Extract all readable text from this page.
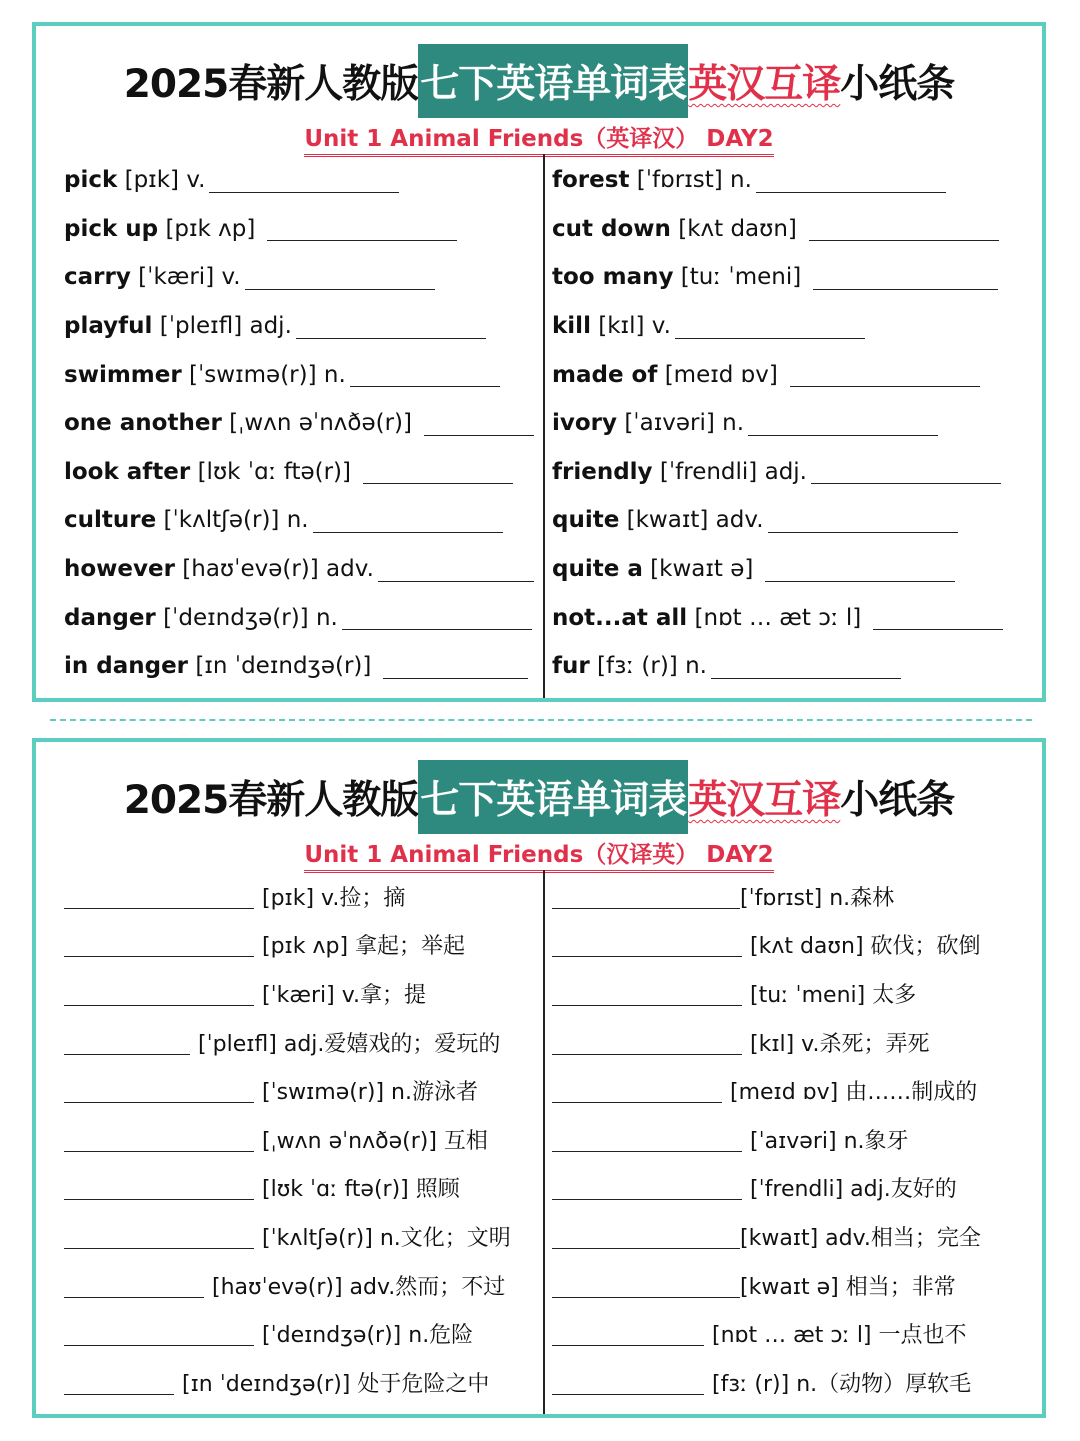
2025春新人教版 七下英语单词表 英汉互译 小纸条
Unit 1 Animal Friends（英译汉） DAY2
pick
[pɪk] v.
pick up
[pɪk ʌp]
carry
[ˈkæri] v.
playful
[ˈpleɪfl] adj.
swimmer
[ˈswɪmə(r)] n.
one another
[ˌwʌn əˈnʌðə(r)]
look after
[lʊk ˈɑː ftə(r)]
culture
[ˈkʌltʃə(r)] n.
however
[haʊˈevə(r)] adv.
danger
[ˈdeɪndʒə(r)] n.
in danger
[ɪn ˈdeɪndʒə(r)]
forest
[ˈfɒrɪst] n.
cut down
[kʌt daʊn]
too many
[tuː ˈmeni]
kill
[kɪl] v.
made of
[meɪd ɒv]
ivory
[ˈaɪvəri] n.
friendly
[ˈfrendli] adj.
quite
[kwaɪt] adv.
quite a
[kwaɪt ə]
not...at all
[nɒt … æt ɔː l]
fur
[fɜː (r)] n.
2025春新人教版 七下英语单词表 英汉互译 小纸条
Unit 1 Animal Friends（汉译英） DAY2
[pɪk] v.捡；摘
[pɪk ʌp] 拿起；举起
[ˈkæri] v.拿；提
[ˈpleɪfl] adj.爱嬉戏的；爱玩的
[ˈswɪmə(r)] n.游泳者
[ˌwʌn əˈnʌðə(r)] 互相
[lʊk ˈɑː ftə(r)] 照顾
[ˈkʌltʃə(r)] n.文化；文明
[haʊˈevə(r)] adv.然而；不过
[ˈdeɪndʒə(r)] n.危险
[ɪn ˈdeɪndʒə(r)] 处于危险之中
[ˈfɒrɪst] n.森林
[kʌt daʊn] 砍伐；砍倒
[tuː ˈmeni] 太多
[kɪl] v.杀死；弄死
[meɪd ɒv] 由……制成的
[ˈaɪvəri] n.象牙
[ˈfrendli] adj.友好的
[kwaɪt] adv.相当；完全
[kwaɪt ə] 相当；非常
[nɒt … æt ɔː l] 一点也不
[fɜː (r)] n.（动物）厚软毛
